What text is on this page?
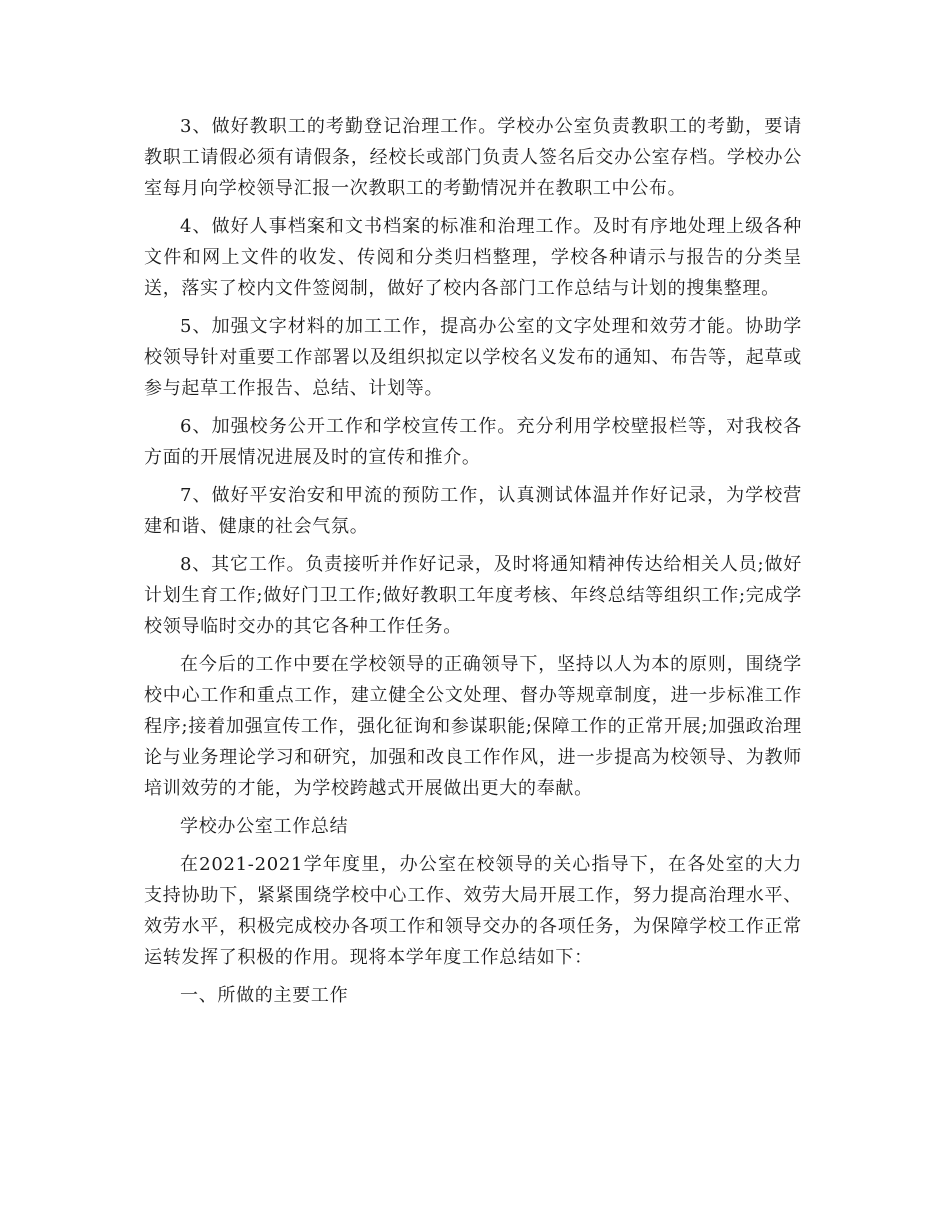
3、做好教职工的考勤登记治理工作。学校办公室负责教职工的考勤，要请教职工请假必须有请假条，经校长或部门负责人签名后交办公室存档。学校办公室每月向学校领导汇报一次教职工的考勤情况并在教职工中公布。

4、做好人事档案和文书档案的标准和治理工作。及时有序地处理上级各种文件和网上文件的收发、传阅和分类归档整理，学校各种请示与报告的分类呈送，落实了校内文件签阅制，做好了校内各部门工作总结与计划的搜集整理。

5、加强文字材料的加工工作，提高办公室的文字处理和效劳才能。协助学校领导针对重要工作部署以及组织拟定以学校名义发布的通知、布告等，起草或参与起草工作报告、总结、计划等。

6、加强校务公开工作和学校宣传工作。充分利用学校壁报栏等，对我校各方面的开展情况进展及时的宣传和推介。

7、做好平安治安和甲流的预防工作，认真测试体温并作好记录，为学校营建和谐、健康的社会气氛。

8、其它工作。负责接听并作好记录，及时将通知精神传达给相关人员;做好计划生育工作;做好门卫工作;做好教职工年度考核、年终总结等组织工作;完成学校领导临时交办的其它各种工作任务。

在今后的工作中要在学校领导的正确领导下，坚持以人为本的原则，围绕学校中心工作和重点工作，建立健全公文处理、督办等规章制度，进一步标准工作程序;接着加强宣传工作，强化征询和参谋职能;保障工作的正常开展;加强政治理论与业务理论学习和研究，加强和改良工作作风，进一步提高为校领导、为教师培训效劳的才能，为学校跨越式开展做出更大的奉献。

学校办公室工作总结

在2021-2021学年度里，办公室在校领导的关心指导下，在各处室的大力支持协助下，紧紧围绕学校中心工作、效劳大局开展工作，努力提高治理水平、效劳水平，积极完成校办各项工作和领导交办的各项任务，为保障学校工作正常运转发挥了积极的作用。现将本学年度工作总结如下：

一、所做的主要工作
